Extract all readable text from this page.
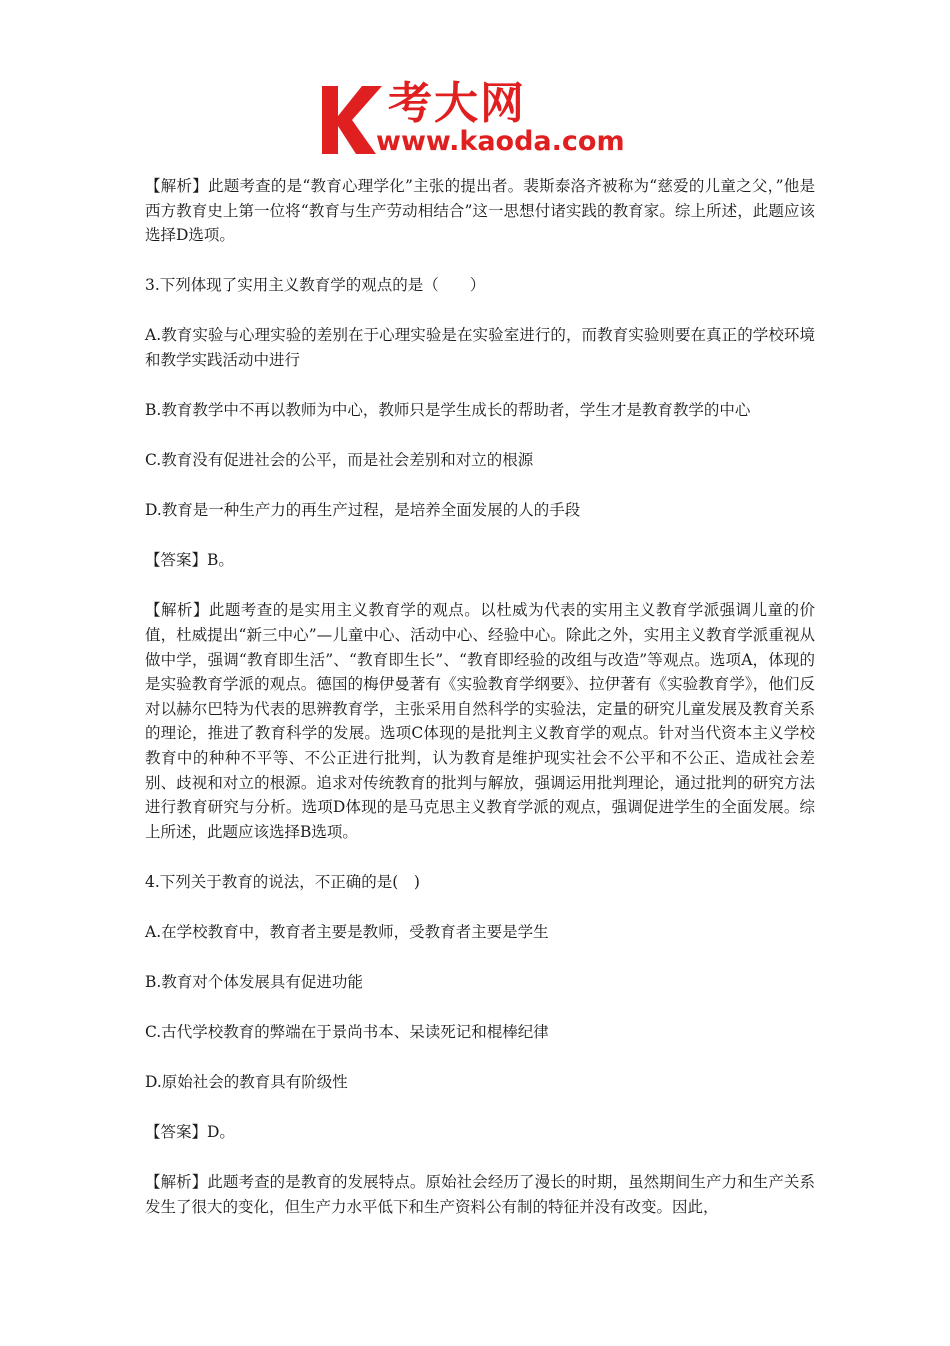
考大网
www.kaoda.com

【解析】此题考查的是“教育心理学化”主张的提出者。裴斯泰洛齐被称为“慈爱的儿童之父，”他是西方教育史上第一位将“教育与生产劳动相结合”这一思想付诸实践的教育家。综上所述，此题应该选择D选项。

3.下列体现了实用主义教育学的观点的是（　　）

A.教育实验与心理实验的差别在于心理实验是在实验室进行的，而教育实验则要在真正的学校环境和教学实践活动中进行

B.教育教学中不再以教师为中心，教师只是学生成长的帮助者，学生才是教育教学的中心

C.教育没有促进社会的公平，而是社会差别和对立的根源

D.教育是一种生产力的再生产过程，是培养全面发展的人的手段

【答案】B。

【解析】此题考查的是实用主义教育学的观点。以杜威为代表的实用主义教育学派强调儿童的价值，杜威提出“新三中心”—儿童中心、活动中心、经验中心。除此之外，实用主义教育学派重视从做中学，强调“教育即生活”、“教育即生长”、“教育即经验的改组与改造”等观点。选项A，体现的是实验教育学派的观点。德国的梅伊曼著有《实验教育学纲要》、拉伊著有《实验教育学》，他们反对以赫尔巴特为代表的思辨教育学，主张采用自然科学的实验法，定量的研究儿童发展及教育关系的理论，推进了教育科学的发展。选项C体现的是批判主义教育学的观点。针对当代资本主义学校教育中的种种不平等、不公正进行批判，认为教育是维护现实社会不公平和不公正、造成社会差别、歧视和对立的根源。追求对传统教育的批判与解放，强调运用批判理论，通过批判的研究方法进行教育研究与分析。选项D体现的是马克思主义教育学派的观点，强调促进学生的全面发展。综上所述，此题应该选择B选项。

4.下列关于教育的说法，不正确的是(　)

A.在学校教育中，教育者主要是教师，受教育者主要是学生

B.教育对个体发展具有促进功能

C.古代学校教育的弊端在于景尚书本、呆读死记和棍棒纪律

D.原始社会的教育具有阶级性

【答案】D。

【解析】此题考查的是教育的发展特点。原始社会经历了漫长的时期，虽然期间生产力和生产关系发生了很大的变化，但生产力水平低下和生产资料公有制的特征并没有改变。因此，
